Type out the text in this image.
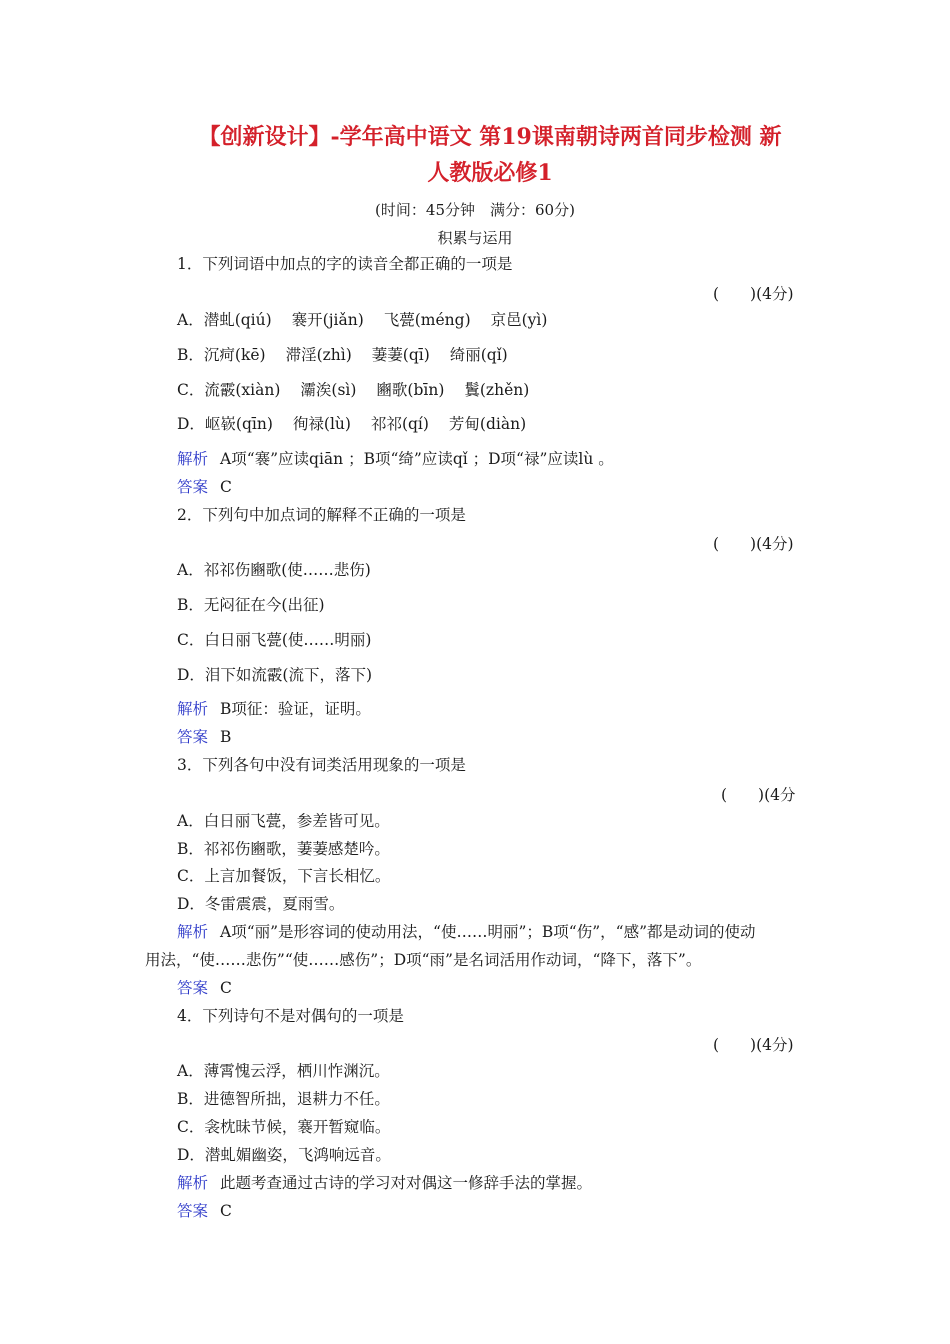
【创新设计】-学年高中语文 第19课南朝诗两首同步检测 新
人教版必修1
(时间：45分钟　满分：60分)
积累与运用
1．下列词语中加点的字的读音全都正确的一项是
(　　)(4分)
A．潜虬(qiú) 褰开(jiǎn) 飞甍(méng) 京邑(yì)
B．沉疴(kē) 滞淫(zhì) 萋萋(qī) 绮丽(qǐ)
C．流霰(xiàn) 灞涘(sì) 豳歌(bīn) 鬒(zhěn)
D．岖嵚(qīn) 徇禄(lù) 祁祁(qí) 芳甸(diàn)
解析 A项“褰”应读qiān ；B项“绮”应读qǐ ；D项“禄”应读lù 。
答案 C
2．下列句中加点词的解释不正确的一项是
(　　)(4分)
A．祁祁伤豳歌(使……悲伤)
B．无闷征在今(出征)
C．白日丽飞甍(使……明丽)
D．泪下如流霰(流下，落下)
解析 B项征：验证，证明。
答案 B
3．下列各句中没有词类活用现象的一项是
(　　)(4分
A．白日丽飞甍，参差皆可见。
B．祁祁伤豳歌，萋萋感楚吟。
C．上言加餐饭，下言长相忆。
D．冬雷震震，夏雨雪。
解析 A项“丽”是形容词的使动用法，“使……明丽”；B项“伤”，“感”都是动词的使动
用法，“使……悲伤”“使……感伤”；D项“雨”是名词活用作动词，“降下，落下”。
答案 C
4．下列诗句不是对偶句的一项是
(　　)(4分)
A．薄霄愧云浮，栖川怍渊沉。
B．进德智所拙，退耕力不任。
C．衾枕昧节候，褰开暂窥临。
D．潜虬媚幽姿，飞鸿响远音。
解析 此题考查通过古诗的学习对对偶这一修辞手法的掌握。
答案 C
